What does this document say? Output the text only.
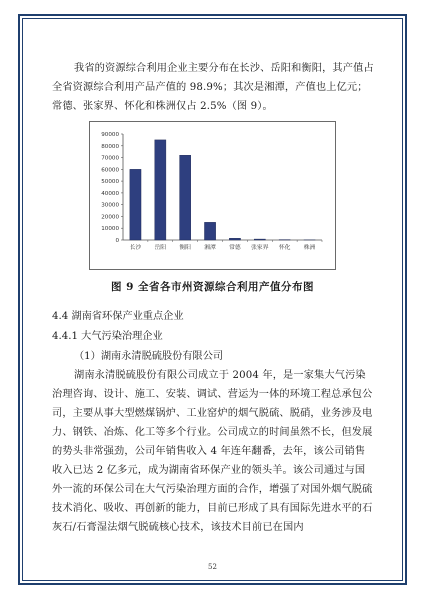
我省的资源综合利用企业主要分布在长沙、岳阳和衡阳，其产值占全省资源综合利用产品产值的 98.9%；其次是湘潭，产值也上亿元；常德、张家界、怀化和株洲仅占 2.5%（图 9）。

0
10000
20000
30000
40000
50000
60000
70000
80000
90000
长沙 岳阳 衡阳 湘潭 常德 张家界 怀化 株洲
图 9 全省各市州资源综合利用产值分布图
4.4 湖南省环保产业重点企业
4.4.1 大气污染治理企业
（1）湖南永清脱硫股份有限公司

湖南永清脱硫股份有限公司成立于 2004 年，是一家集大气污染治理咨询、设计、施工、安装、调试、营运为一体的环境工程总承包公司，主要从事大型燃煤锅炉、工业窑炉的烟气脱硫、脱硝，业务涉及电力、钢铁、冶炼、化工等多个行业。公司成立的时间虽然不长，但发展的势头非常强劲，公司年销售收入 4 年连年翻番，去年，该公司销售收入已达 2 亿多元，成为湖南省环保产业的领头羊。该公司通过与国外一流的环保公司在大气污染治理方面的合作，增强了对国外烟气脱硫技术消化、吸收、再创新的能力，目前已形成了具有国际先进水平的石灰石/石膏湿法烟气脱硫核心技术，该技术目前已在国内

52
